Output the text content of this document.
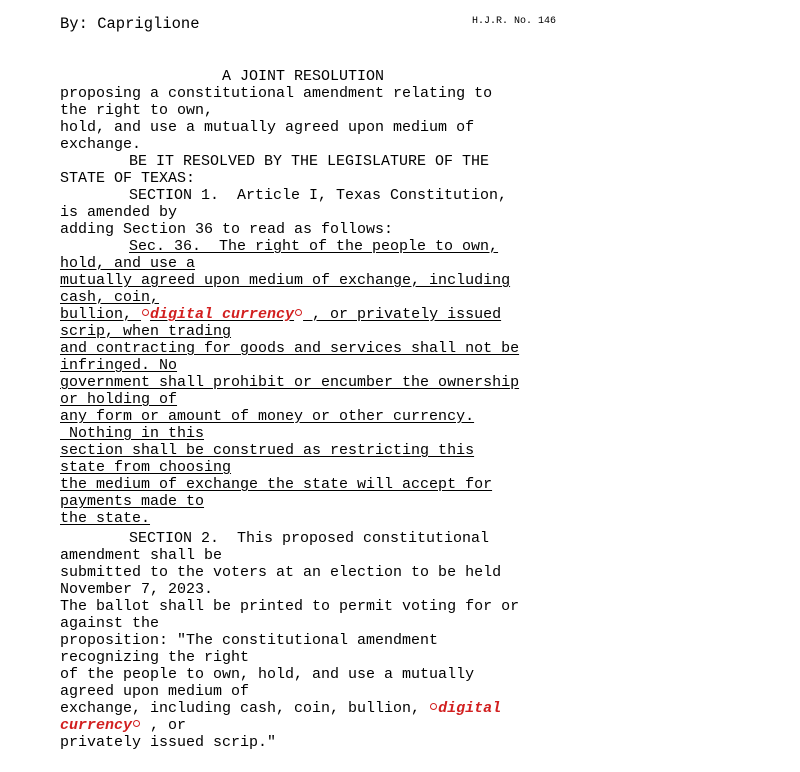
By: Capriglione	H.J.R. No. 146
A JOINT RESOLUTION
proposing a constitutional amendment relating to
the right to own,
hold, and use a mutually agreed upon medium of
exchange.
BE IT RESOLVED BY THE LEGISLATURE OF THE
STATE OF TEXAS:
SECTION 1.  Article I, Texas Constitution,
is amended by
adding Section 36 to read as follows:
Sec. 36.  The right of the people to own,
hold, and use a
mutually agreed upon medium of exchange, including
cash, coin,
bullion, digital currency , or privately issued
scrip, when trading
and contracting for goods and services shall not be
infringed. No
government shall prohibit or encumber the ownership
or holding of
any form or amount of money or other currency.
Nothing in this
section shall be construed as restricting this
state from choosing
the medium of exchange the state will accept for
payments made to
the state.
SECTION 2.  This proposed constitutional
amendment shall be
submitted to the voters at an election to be held
November 7, 2023.
The ballot shall be printed to permit voting for or
against the
proposition: "The constitutional amendment
recognizing the right
of the people to own, hold, and use a mutually
agreed upon medium of
exchange, including cash, coin, bullion, digital
currency , or
privately issued scrip."
